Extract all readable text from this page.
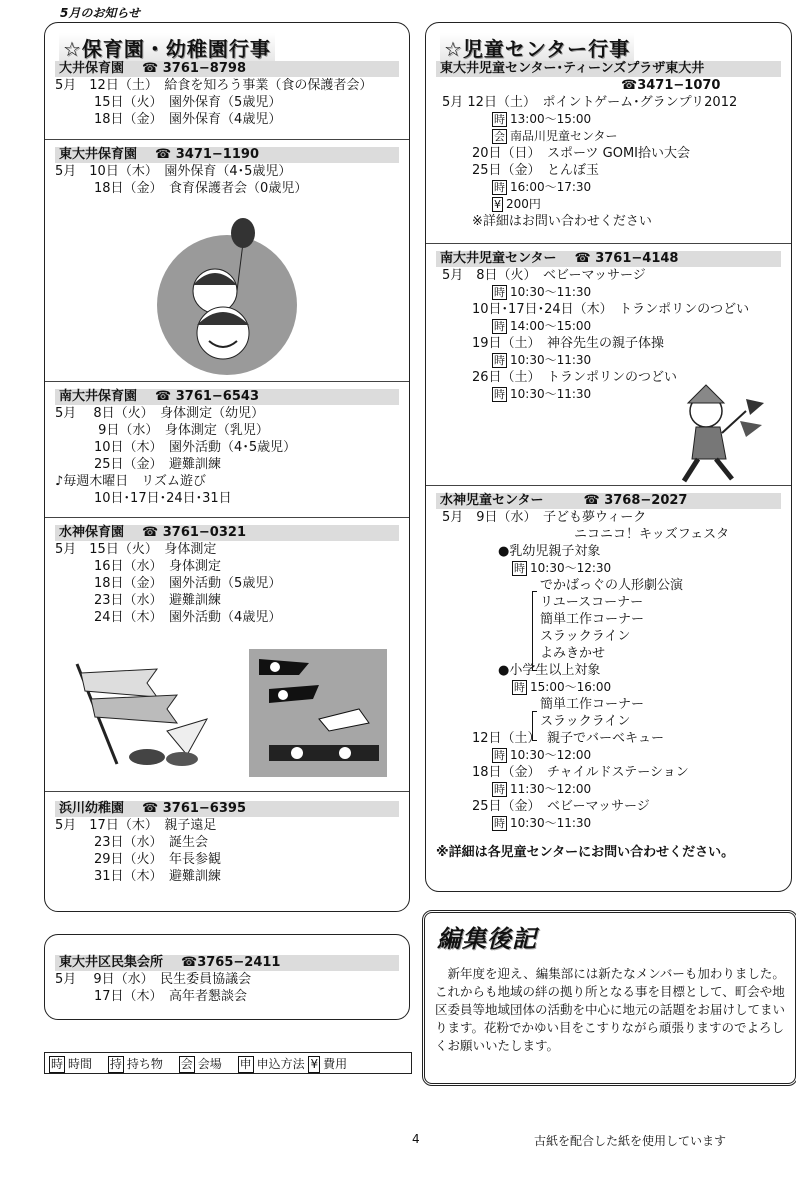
5月のお知らせ
☆保育園・幼稚園行事
大井保育園 ☎ 3761−8798
5月　12日（土）　給食を知ろう事業（食の保護者会）
　　　15日（火）　園外保育（5歳児）
　　　18日（金）　園外保育（4歳児）
東大井保育園 ☎ 3471−1190
5月　10日（木）　園外保育（4･5歳児）
　　　18日（金）　食育保護者会（0歳児）
南大井保育園 ☎ 3761−6543
5月　 8日（火）　身体測定（幼児）
　　　 9日（水）　身体測定（乳児）
　　　10日（木）　園外活動（4･5歳児）
　　　25日（金）　避難訓練
♪毎週木曜日　リズム遊び
　　　10日･17日･24日･31日
水神保育園 ☎ 3761−0321
5月　15日（火）　身体測定
　　　16日（水）　身体測定
　　　18日（金）　園外活動（5歳児）
　　　23日（水）　避難訓練
　　　24日（木）　園外活動（4歳児）
浜川幼稚園 ☎ 3761−6395
5月　17日（木）　親子遠足
　　　23日（水）　誕生会
　　　29日（火）　年長参観
　　　31日（木）　避難訓練
東大井区民集会所 ☎3765−2411
5月　 9日（水）　民生委員協議会
　　　17日（木）　高年者懇談会
時 時間　 持 持ち物　 会 会場　 申 申込方法 ¥ 費用
☆児童センター行事
東大井児童センター･ティーンズプラザ東大井
☎3471−1070
5月 12日（土）　ポイントゲーム･グランプリ2012
時 13:00〜15:00
会 南品川児童センター
20日（日）　スポーツ GOMI拾い大会
25日（金）　とんぼ玉
時 16:00〜17:30
¥ 200円
※詳細はお問い合わせください
南大井児童センター ☎ 3761−4148
5月　8日（火）　ベビーマッサージ
時 10:30〜11:30
10日･17日･24日（木）　トランポリンのつどい
時 14:00〜15:00
19日（土）　神谷先生の親子体操
時 10:30〜11:30
26日（土）　トランポリンのつどい
時 10:30〜11:30
水神児童センター	☎ 3768−2027
5月　9日（水）　子ども夢ウィーク
ニコニコ！キッズフェスタ
●乳幼児親子対象
時 10:30〜12:30
でかばっぐの人形劇公演
リユースコーナー
簡単工作コーナー
スラックライン
よみきかせ
●小学生以上対象
時 15:00〜16:00
簡単工作コーナー
スラックライン
12日（土）　親子でバーベキュー
時 10:30〜12:00
18日（金）　チャイルドステーション
時 11:30〜12:00
25日（金）　ベビーマッサージ
時 10:30〜11:30
※詳細は各児童センターにお問い合わせください。
編集後記
　新年度を迎え、編集部には新たなメンバーも加わりました。これからも地域の絆の拠り所となる事を目標として、町会や地区委員等地域団体の活動を中心に地元の話題をお届けしてまいります。花粉でかゆい目をこすりながら頑張りますのでよろしくお願いいたします。
4	古紙を配合した紙を使用しています
